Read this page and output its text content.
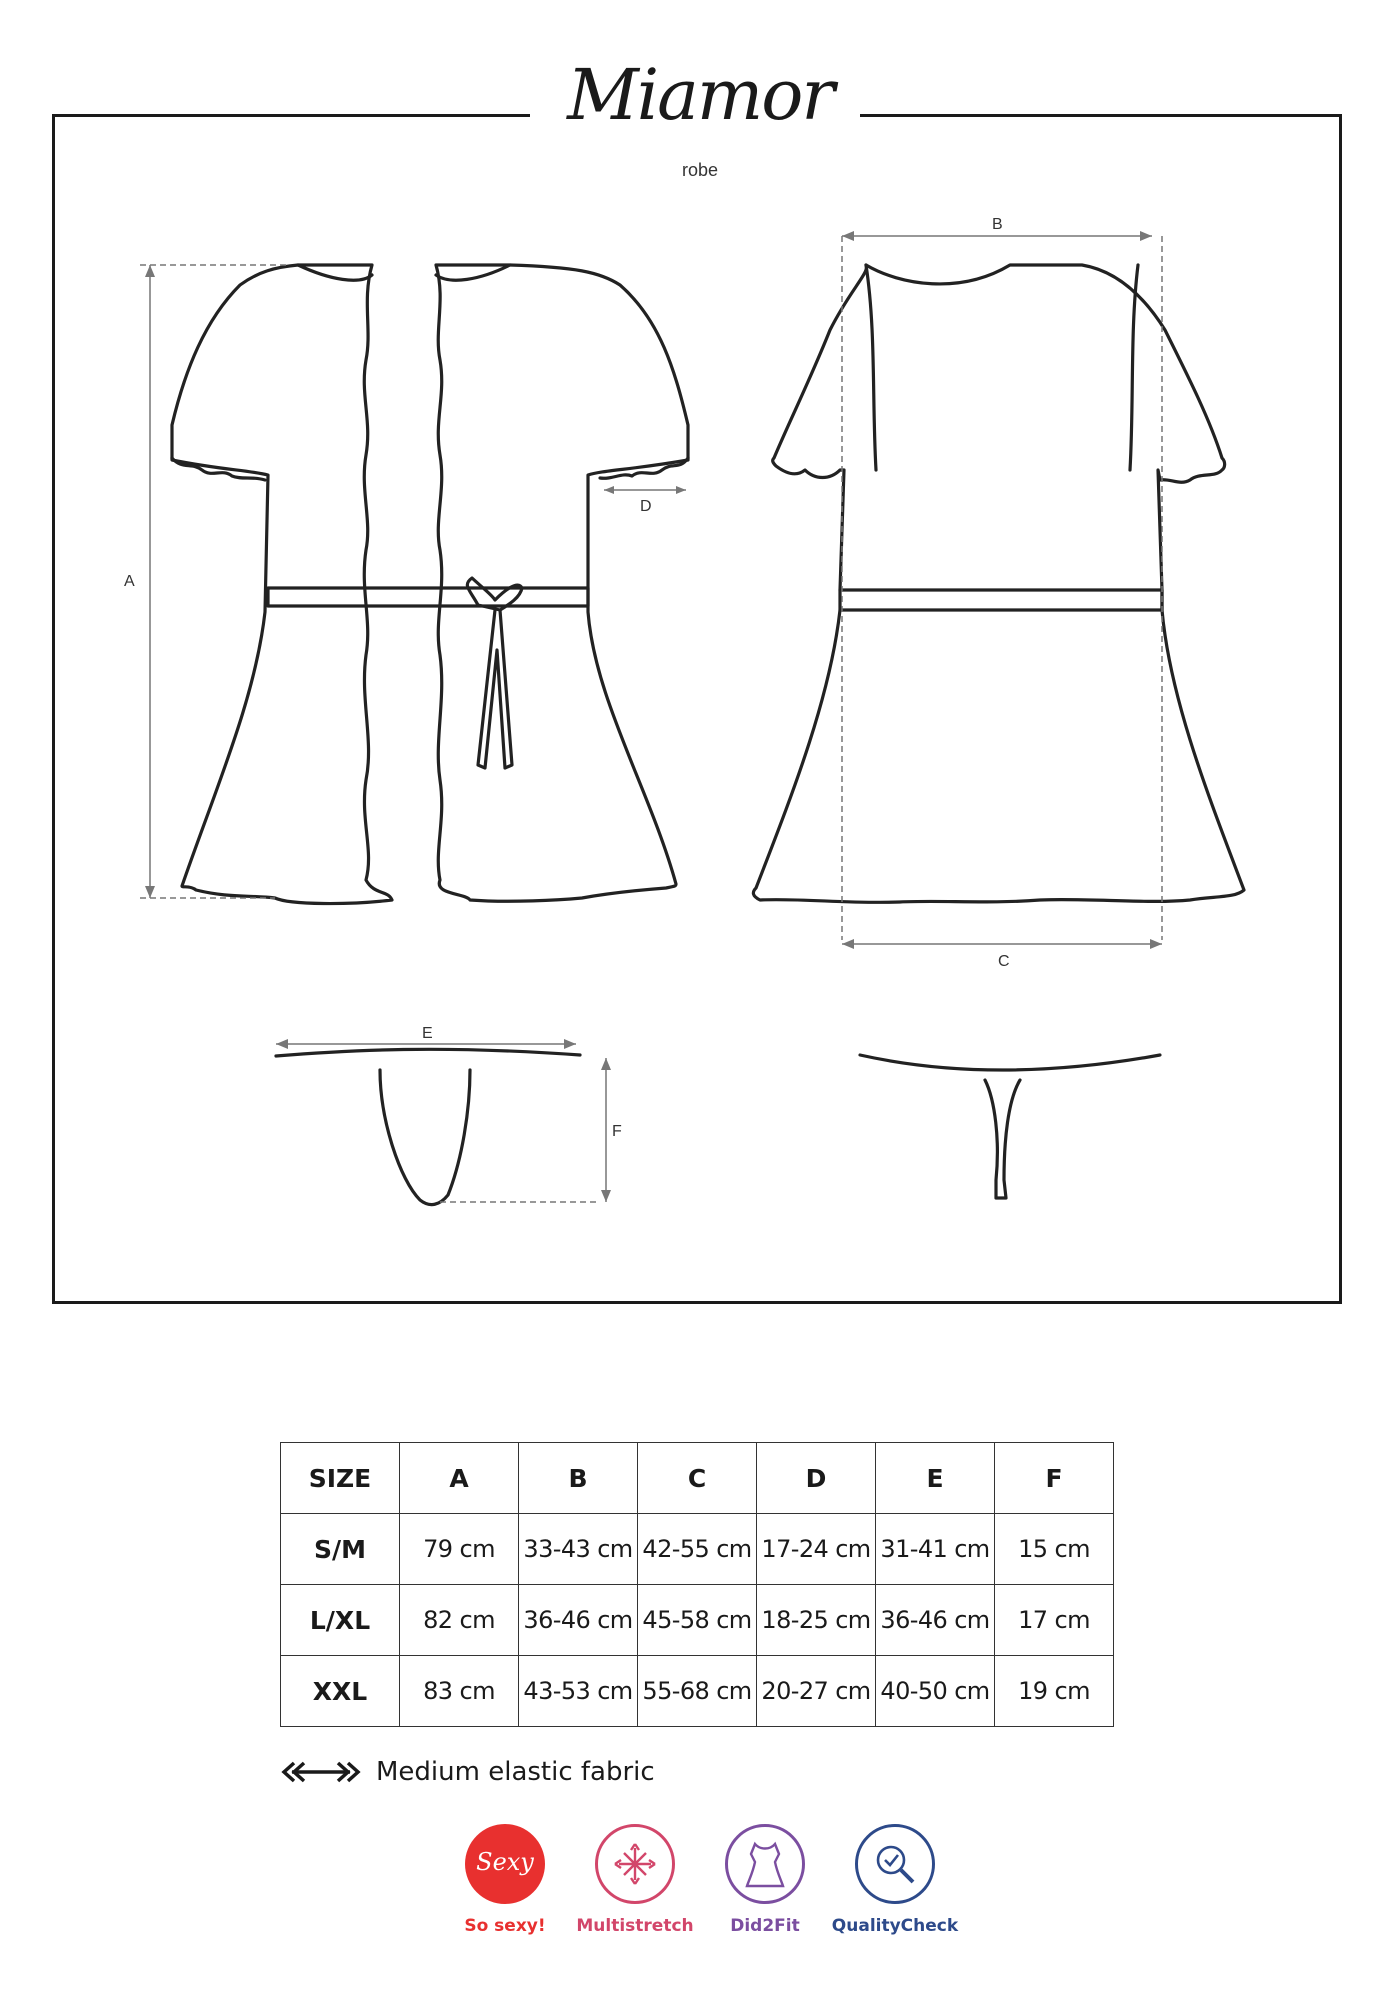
Miamor
robe
A
B
C
D
E
F
SIZE	A	B	C	D	E	F
S/M	79 cm	33-43 cm	42-55 cm	17-24 cm	31-41 cm	15 cm
L/XL	82 cm	36-46 cm	45-58 cm	18-25 cm	36-46 cm	17 cm
XXL	83 cm	43-53 cm	55-68 cm	20-27 cm	40-50 cm	19 cm
Medium elastic fabric
Sexy
So sexy!	Multistretch	Did2Fit	QualityCheck
